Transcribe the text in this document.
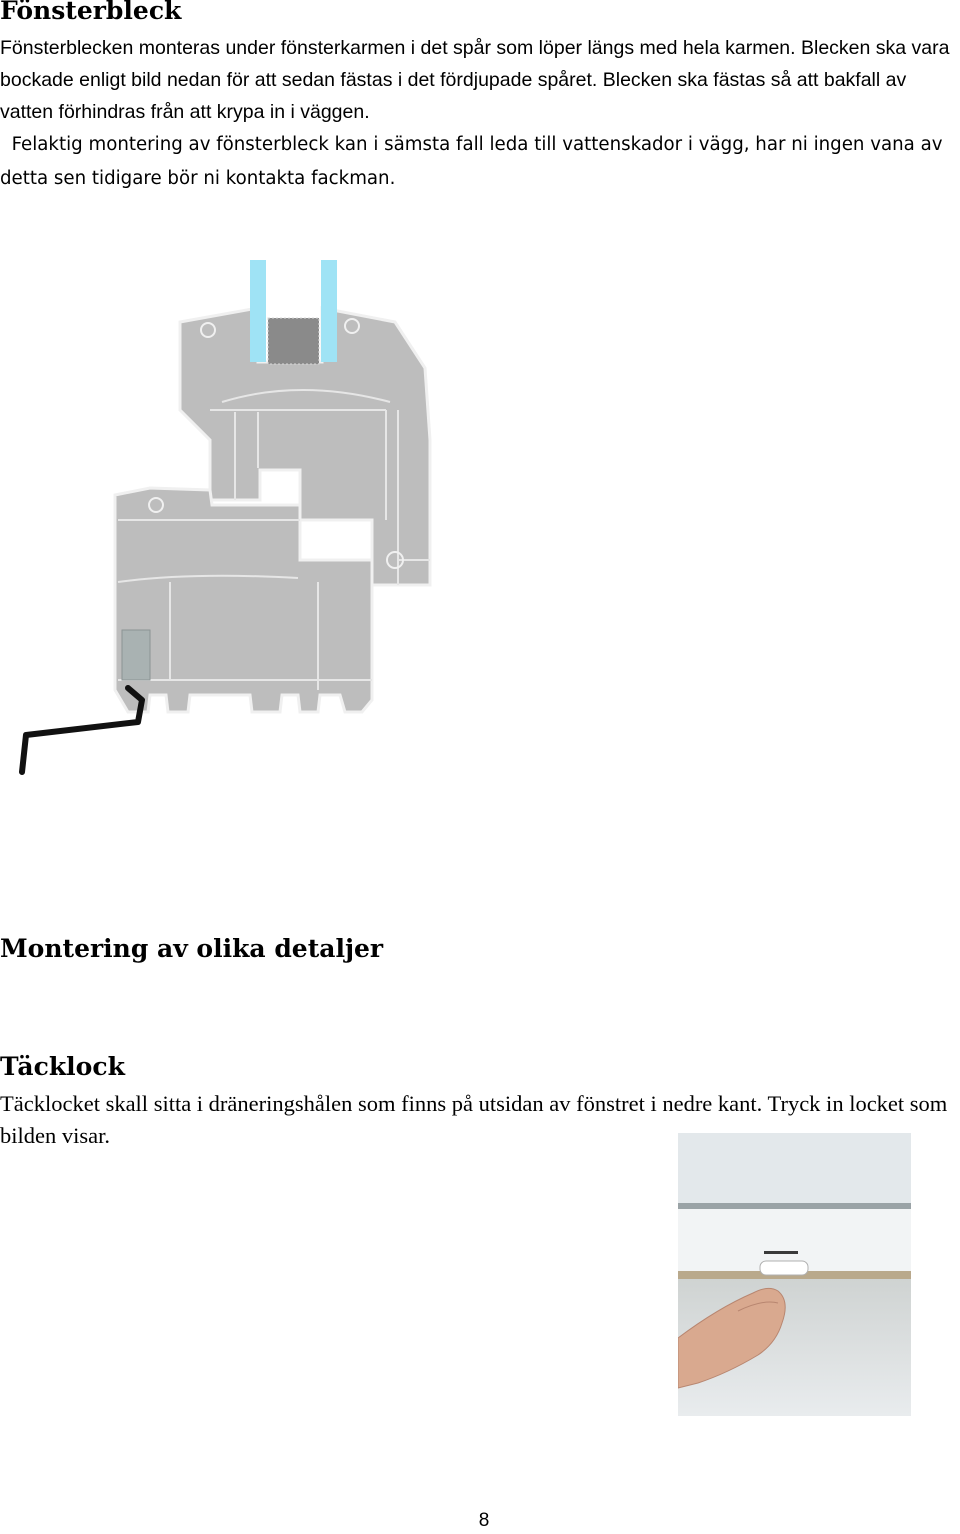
Fönsterbleck

Fönsterblecken monteras under fönsterkarmen i det spår som löper längs med hela karmen. Blecken ska vara bockade enligt bild nedan för att sedan fästas i det fördjupade spåret. Blecken ska fästas så att bakfall av vatten förhindras från att krypa in i väggen.

Felaktig montering av fönsterbleck kan i sämsta fall leda till vattenskador i vägg, har ni ingen vana av detta sen tidigare bör ni kontakta fackman.

Montering av olika detaljer
Täcklock

Täcklocket skall sitta i dräneringshålen som finns på utsidan av fönstret i nedre kant. Tryck in locket som bilden visar.

8
